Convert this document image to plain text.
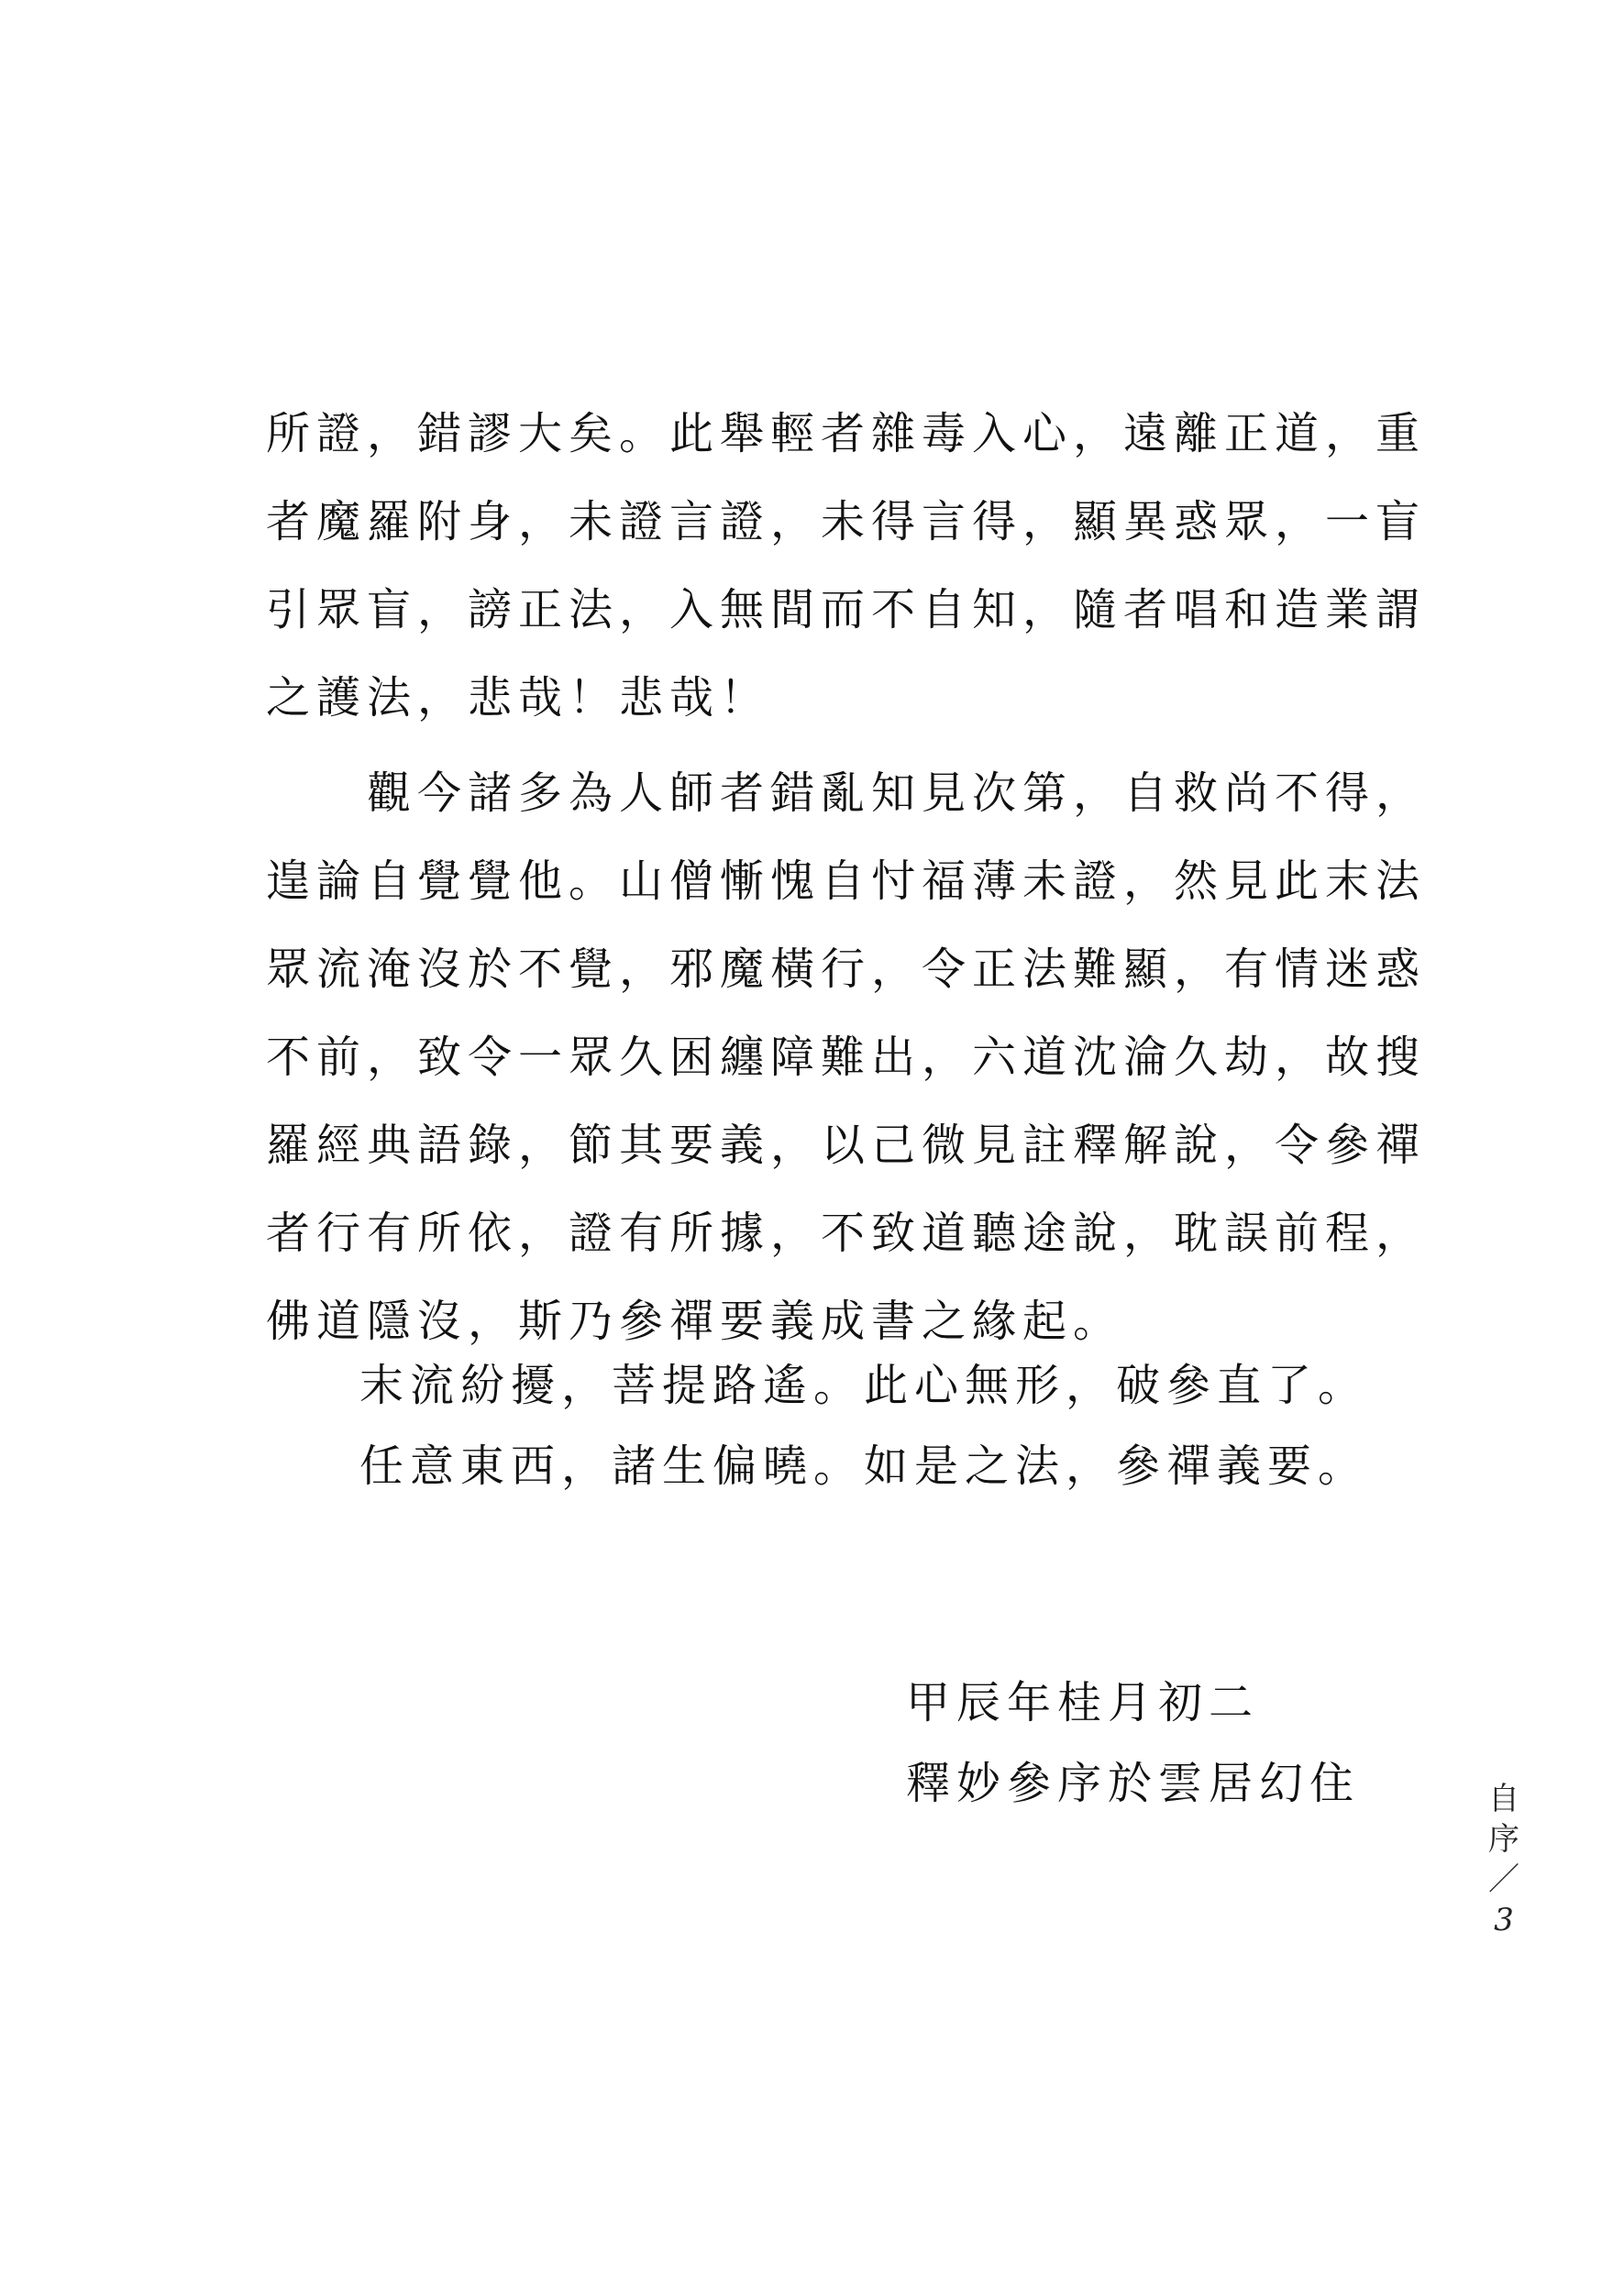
所證，錯謬大矣。此舉輕者雜毒入心，遠離正道，重
者魔羅附身，未證言證，未得言得，顯異惑眾，一盲
引眾盲，謗正法，入無間而不自知，隨者唱和造業謂
之護法，悲哉！悲哉！
　　觀今諸多為人師者錯亂知見次第，自救尚不得，
遑論自覺覺他。山僧慚愧自忖福薄未證，然見此末法
眾流淹沒於不覺，邪魔橫行，令正法難顯，有情迷惑
不前，致令一眾久困纏障難出，六道沈淪久劫，故搜
羅經典語錄，節其要義，以己微見註釋解說，令參禪
者行有所依，證有所據，不致道聽途說，耽誤前程，
佛道隱沒，斯乃參禪要義成書之緣起。
末流紛擾，菩提路遙。此心無形，破參直了。
任意東西，諸生偏曉。如是之法，參禪義要。
甲辰年桂月初二
釋妙參序於雲居幻住	自
序
／
3
